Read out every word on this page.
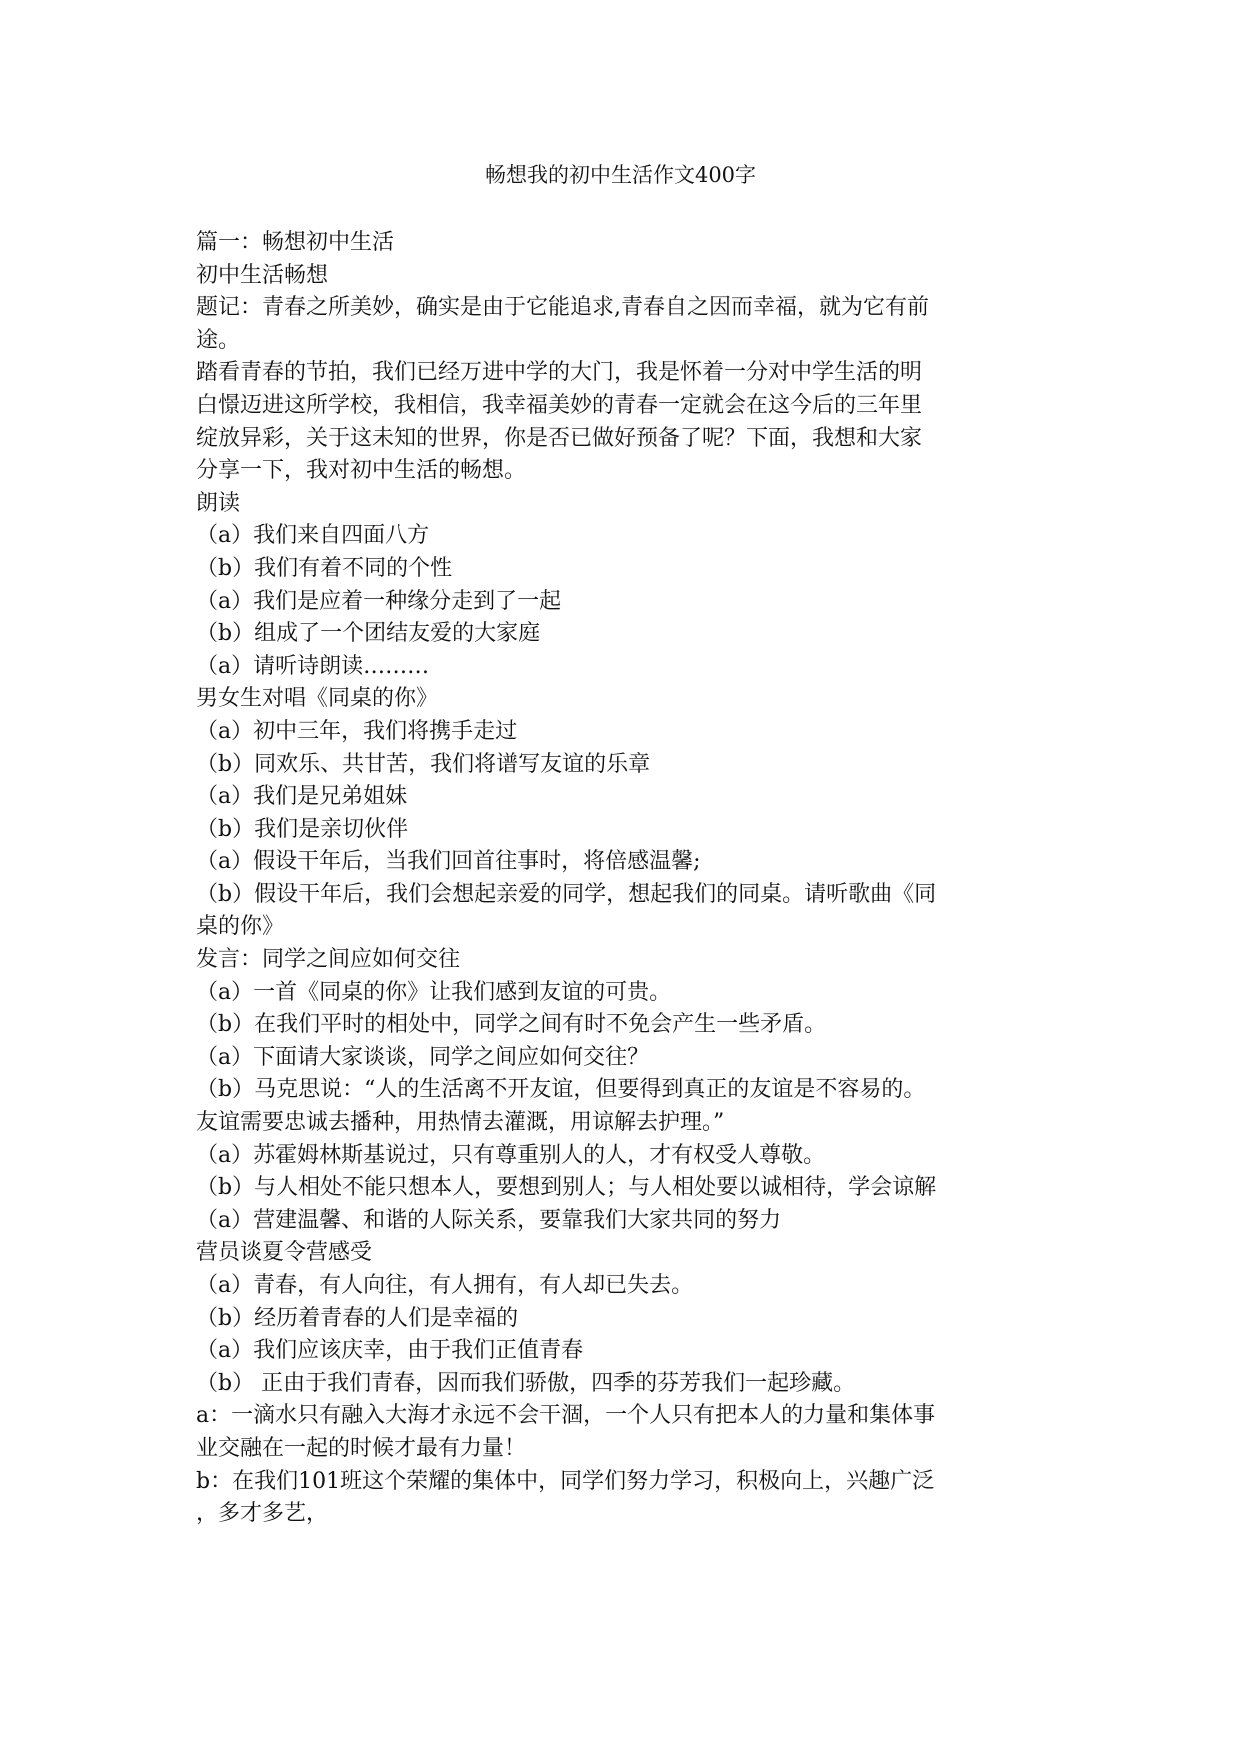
畅想我的初中生活作文400字
篇一：畅想初中生活
初中生活畅想
题记：青春之所美妙，确实是由于它能追求,青春自之因而幸福，就为它有前
途。
踏看青春的节拍，我们已经万进中学的大门，我是怀着一分对中学生活的明
白憬迈进这所学校，我相信，我幸福美妙的青春一定就会在这今后的三年里
绽放异彩，关于这未知的世界，你是否已做好预备了呢？下面，我想和大家
分享一下，我对初中生活的畅想。
朗读
（a）我们来自四面八方
（b）我们有着不同的个性
（a）我们是应着一种缘分走到了一起
（b）组成了一个团结友爱的大家庭
（a）请听诗朗读………
男女生对唱《同桌的你》
（a）初中三年，我们将携手走过
（b）同欢乐、共甘苦，我们将谱写友谊的乐章
（a）我们是兄弟姐妹
（b）我们是亲切伙伴
（a）假设干年后，当我们回首往事时，将倍感温馨;
（b）假设干年后，我们会想起亲爱的同学，想起我们的同桌。请听歌曲《同
桌的你》
发言：同学之间应如何交往
（a）一首《同桌的你》让我们感到友谊的可贵。
（b）在我们平时的相处中，同学之间有时不免会产生一些矛盾。
（a）下面请大家谈谈，同学之间应如何交往？
（b）马克思说：“人的生活离不开友谊，但要得到真正的友谊是不容易的。
友谊需要忠诚去播种，用热情去灌溉，用谅解去护理。”
（a）苏霍姆林斯基说过，只有尊重别人的人，才有权受人尊敬。
（b）与人相处不能只想本人，要想到别人；与人相处要以诚相待，学会谅解
（a）营建温馨、和谐的人际关系，要靠我们大家共同的努力
营员谈夏令营感受
（a）青春，有人向往，有人拥有，有人却已失去。
（b）经历着青春的人们是幸福的
（a）我们应该庆幸，由于我们正值青春
（b） 正由于我们青春，因而我们骄傲，四季的芬芳我们一起珍藏。
a：一滴水只有融入大海才永远不会干涸，一个人只有把本人的力量和集体事
业交融在一起的时候才最有力量！
b：在我们101班这个荣耀的集体中，同学们努力学习，积极向上，兴趣广泛
，多才多艺，
